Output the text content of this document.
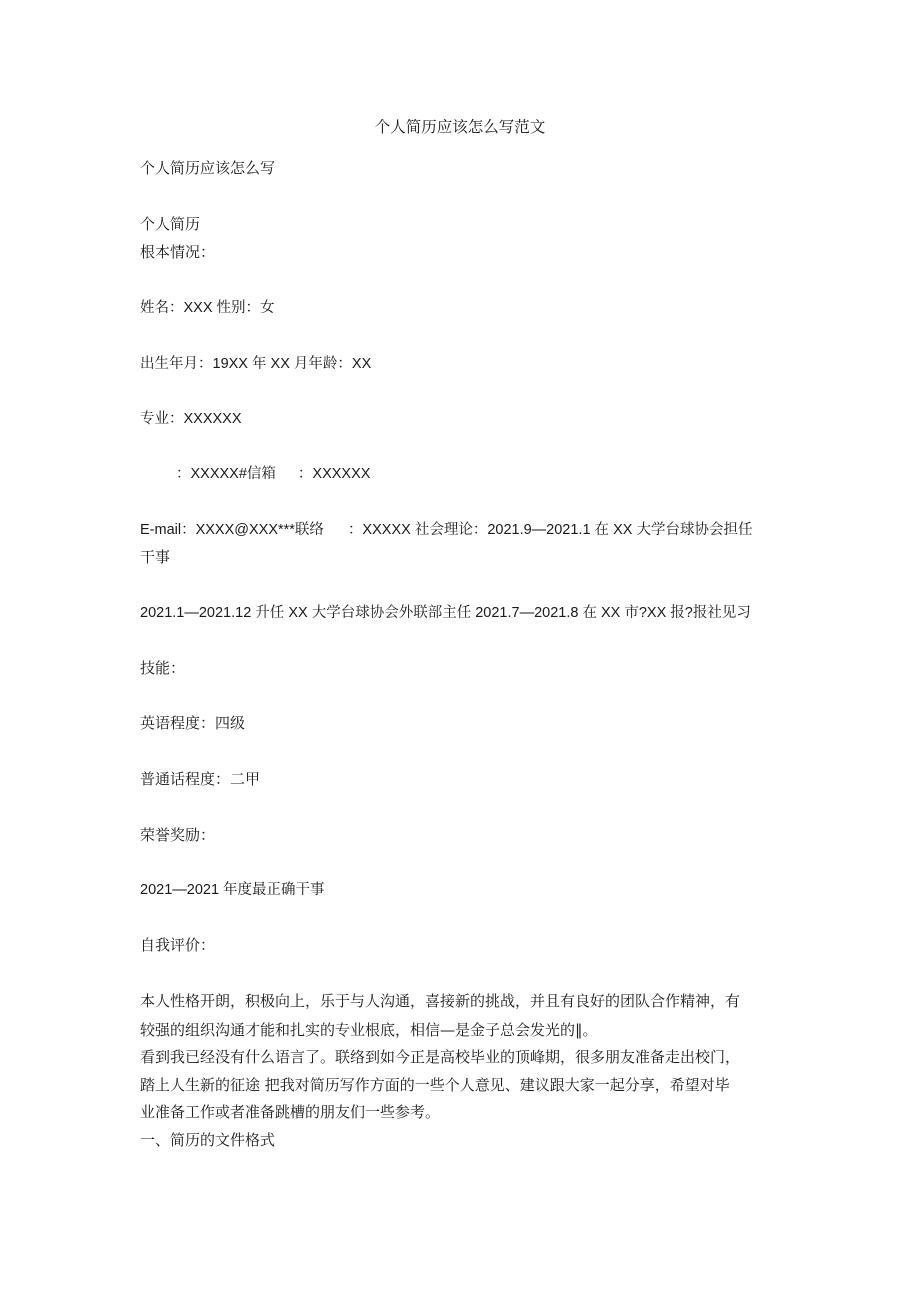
个人简历应该怎么写范文
个人简历应该怎么写
个人简历
根本情况：
姓名：XXX 性别：女
出生年月：19XX 年 XX 月年龄：XX
专业：XXXXXX
：XXXXX#信箱 ：XXXXXX
E-mail：XXXX@XXX***联络 ：XXXXX 社会理论：2021.9—2021.1 在 XX 大学台球协会担任
干事
2021.1—2021.12 升任 XX 大学台球协会外联部主任 2021.7—2021.8 在 XX 市?XX 报?报社见习
技能：
英语程度：四级
普通话程度：二甲
荣誉奖励：
2021—2021 年度最正确干事
自我评价：
本人性格开朗，积极向上，乐于与人沟通，喜接新的挑战，并且有良好的团队合作精神，有
较强的组织沟通才能和扎实的专业根底，相信—是金子总会发光的‖。
看到我已经没有什么语言了。联络到如今正是高校毕业的顶峰期，很多朋友准备走出校门，
踏上人生新的征途 把我对简历写作方面的一些个人意见、建议跟大家一起分享，希望对毕
业准备工作或者准备跳槽的朋友们一些参考。
一、简历的文件格式
